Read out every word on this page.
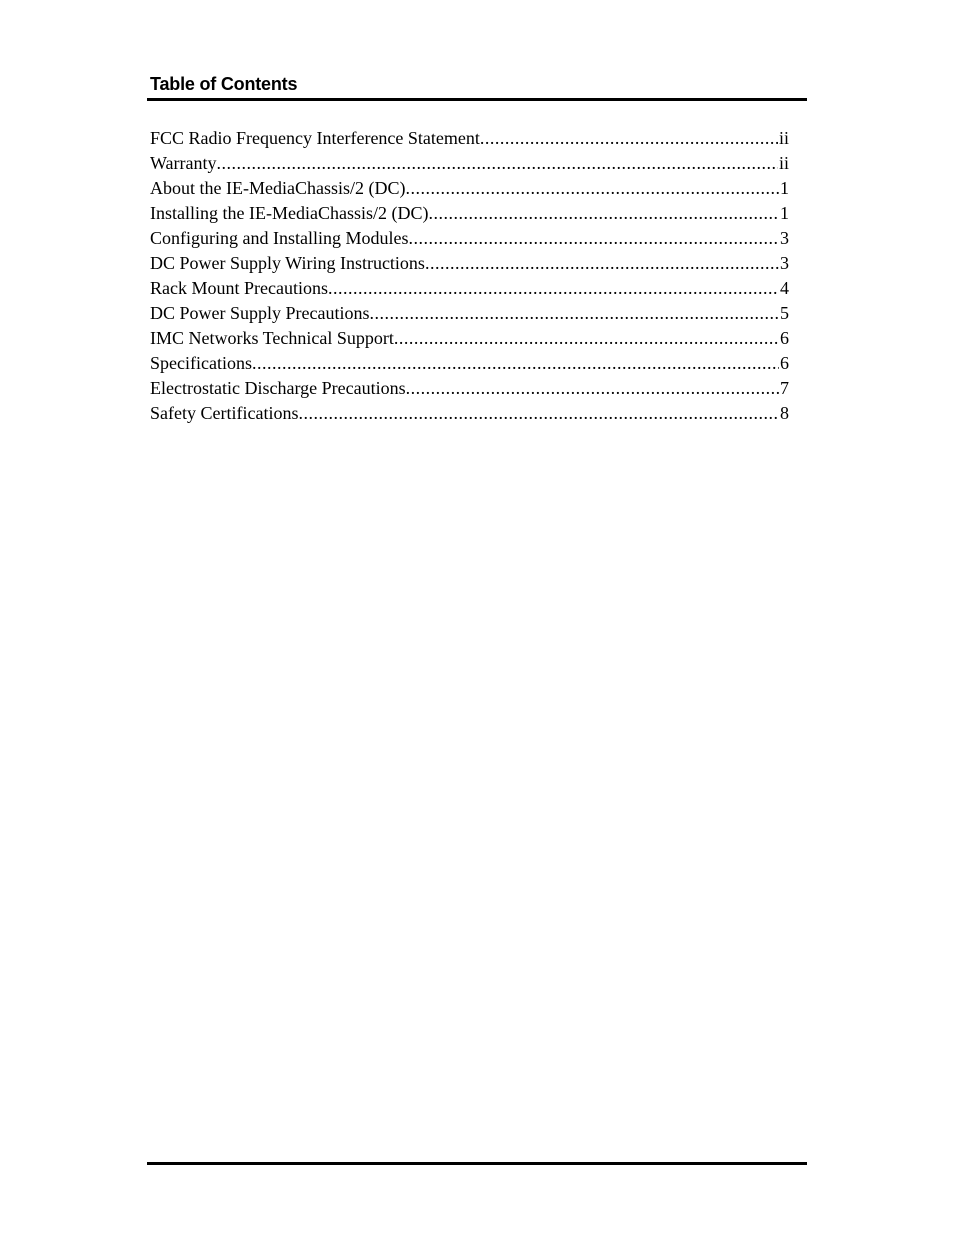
Table of Contents
FCC Radio Frequency Interference Statement .....	ii
Warranty .....	ii
About the IE-MediaChassis/2 (DC) .....	1
Installing the IE-MediaChassis/2 (DC) .....	1
Configuring and Installing Modules .....	3
DC Power Supply Wiring Instructions .....	3
Rack Mount Precautions .....	4
DC Power Supply Precautions .....	5
IMC Networks Technical Support .....	6
Specifications .....	6
Electrostatic Discharge Precautions .....	7
Safety Certifications .....	8
